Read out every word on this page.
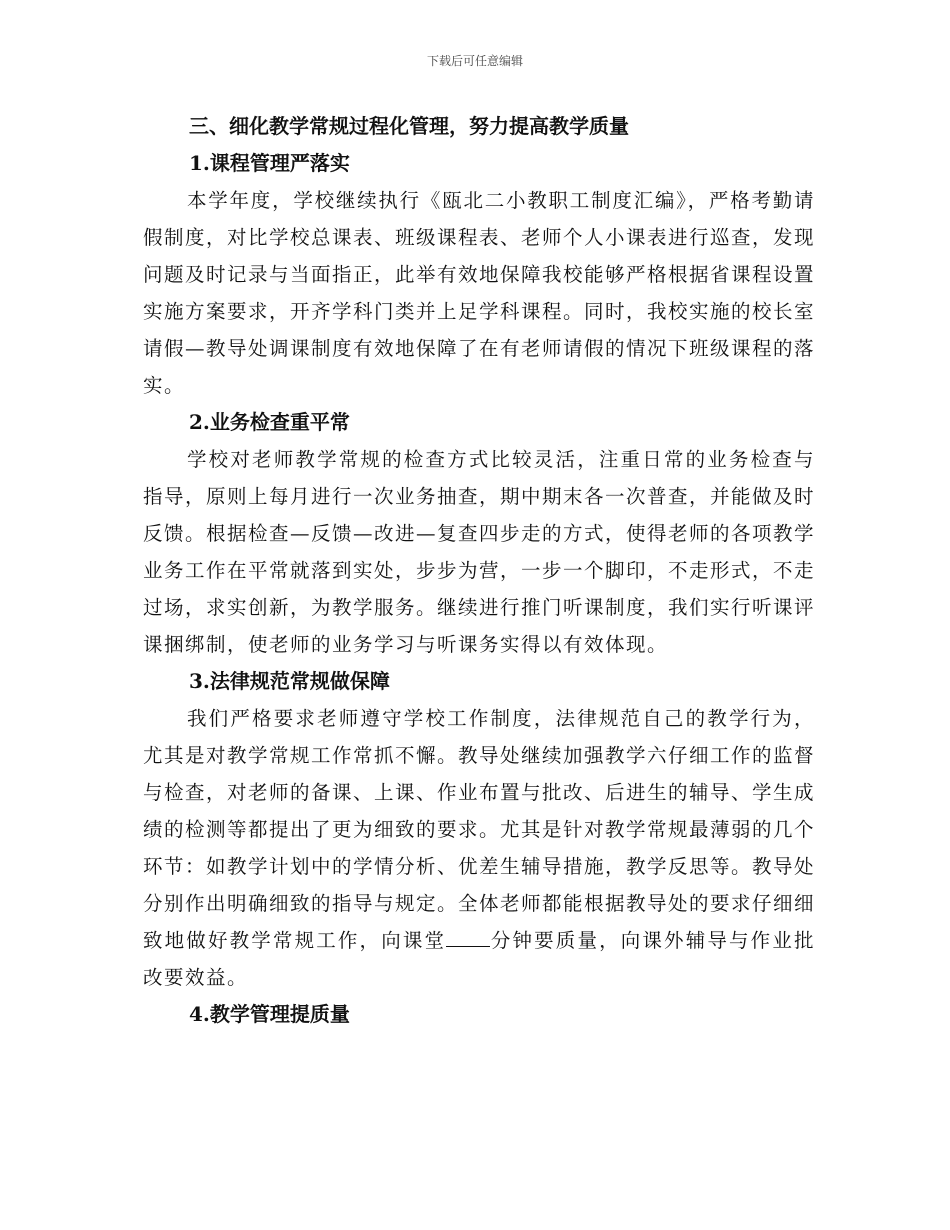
下载后可任意编辑

三、细化教学常规过程化管理，努力提高教学质量

1.课程管理严落实

本学年度，学校继续执行《瓯北二小教职工制度汇编》，严格考勤请假制度，对比学校总课表、班级课程表、老师个人小课表进行巡查，发现问题及时记录与当面指正，此举有效地保障我校能够严格根据省课程设置实施方案要求，开齐学科门类并上足学科课程。同时，我校实施的校长室请假—教导处调课制度有效地保障了在有老师请假的情况下班级课程的落实。

2.业务检查重平常

学校对老师教学常规的检查方式比较灵活，注重日常的业务检查与指导，原则上每月进行一次业务抽查，期中期末各一次普查，并能做及时反馈。根据检查—反馈—改进—复查四步走的方式，使得老师的各项教学业务工作在平常就落到实处，步步为营，一步一个脚印，不走形式，不走过场，求实创新，为教学服务。继续进行推门听课制度，我们实行听课评课捆绑制，使老师的业务学习与听课务实得以有效体现。

3.法律规范常规做保障

我们严格要求老师遵守学校工作制度，法律规范自己的教学行为，尤其是对教学常规工作常抓不懈。教导处继续加强教学六仔细工作的监督与检查，对老师的备课、上课、作业布置与批改、后进生的辅导、学生成绩的检测等都提出了更为细致的要求。尤其是针对教学常规最薄弱的几个环节：如教学计划中的学情分析、优差生辅导措施，教学反思等。教导处分别作出明确细致的指导与规定。全体老师都能根据教导处的要求仔细细致地做好教学常规工作，向课堂 分钟要质量，向课外辅导与作业批改要效益。

4.教学管理提质量
